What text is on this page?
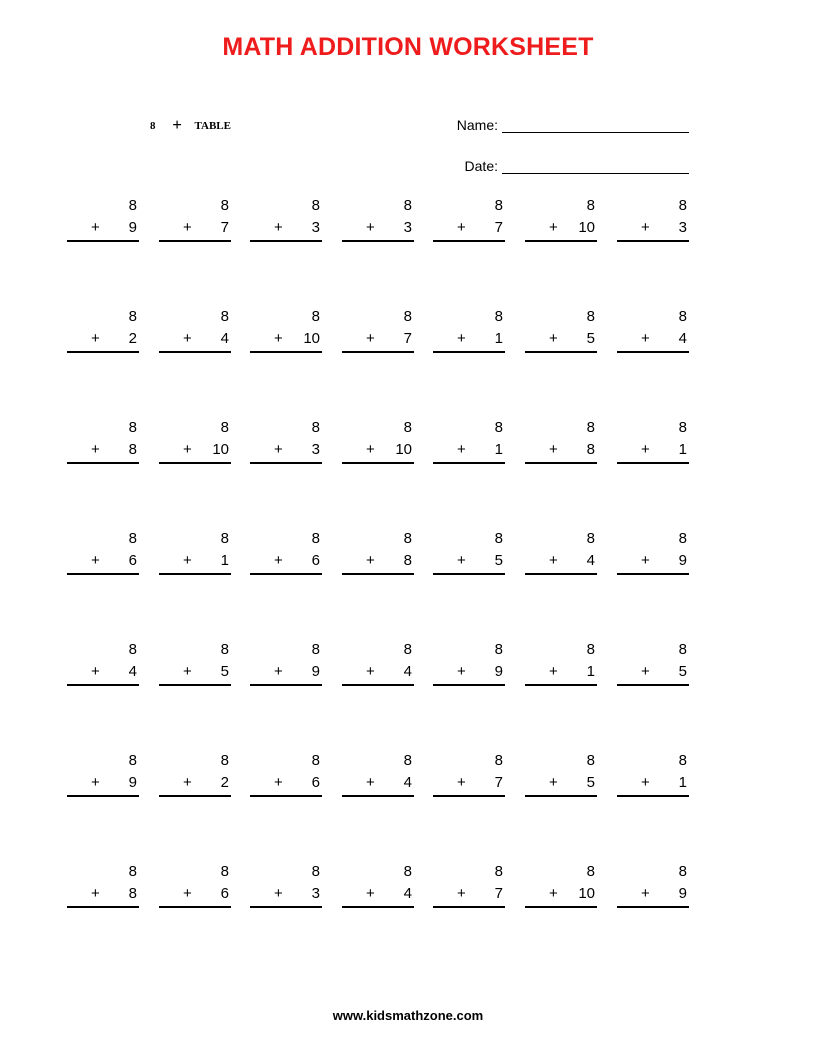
MATH ADDITION WORKSHEET
8 + TABLE	Name:
Date:
8
+ 9
8
+ 7
8
+ 3
8
+ 3
8
+ 7
8
+ 10
8
+ 3
8
+ 2
8
+ 4
8
+ 10
8
+ 7
8
+ 1
8
+ 5
8
+ 4
8
+ 8
8
+ 10
8
+ 3
8
+ 10
8
+ 1
8
+ 8
8
+ 1
8
+ 6
8
+ 1
8
+ 6
8
+ 8
8
+ 5
8
+ 4
8
+ 9
8
+ 4
8
+ 5
8
+ 9
8
+ 4
8
+ 9
8
+ 1
8
+ 5
8
+ 9
8
+ 2
8
+ 6
8
+ 4
8
+ 7
8
+ 5
8
+ 1
8
+ 8
8
+ 6
8
+ 3
8
+ 4
8
+ 7
8
+ 10
8
+ 9
www.kidsmathzone.com
